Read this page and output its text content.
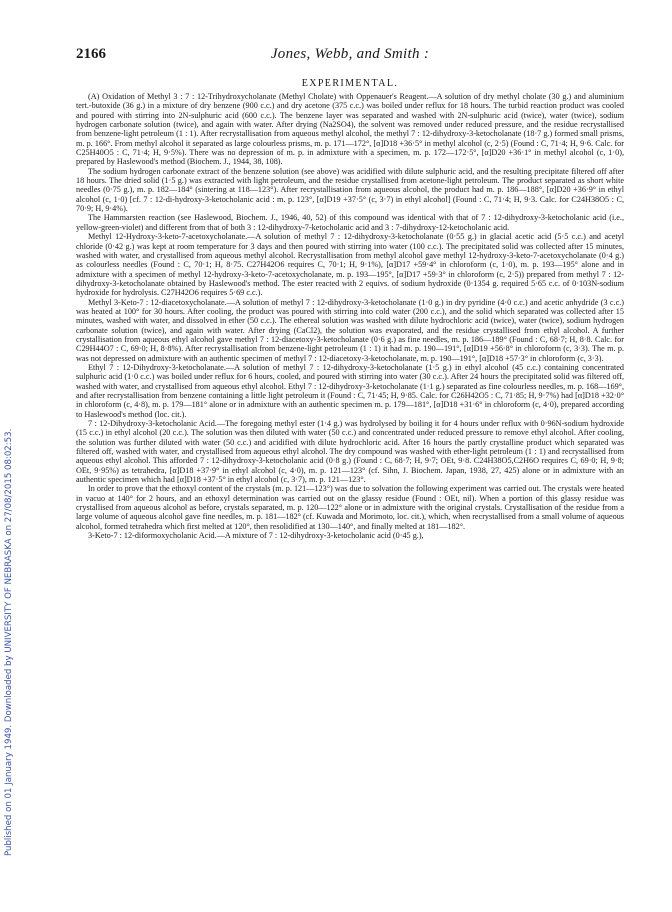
Published on 01 January 1949. Downloaded by UNIVERSITY OF NEBRASKA on 27/08/2015 08:02:53.
2166	Jones, Webb, and Smith :
EXPERIMENTAL.

(A) Oxidation of Methyl 3 : 7 : 12-Trihydroxycholanate (Methyl Cholate) with Oppenauer's Reagent.—A solution of dry methyl cholate (30 g.) and aluminium tert.-butoxide (36 g.) in a mixture of dry benzene (900 c.c.) and dry acetone (375 c.c.) was boiled under reflux for 18 hours. The turbid reaction product was cooled and poured with stirring into 2N-sulphuric acid (600 c.c.). The benzene layer was separated and washed with 2N-sulphuric acid (twice), water (twice), sodium hydrogen carbonate solution (twice), and again with water. After drying (Na2SO4), the solvent was removed under reduced pressure, and the residue recrystallised from benzene-light petroleum (1 : 1). After recrystallisation from aqueous methyl alcohol, the methyl 7 : 12-dihydroxy-3-ketocholanate (18·7 g.) formed small prisms, m. p. 166°. From methyl alcohol it separated as large colourless prisms, m. p. 171—172°, [α]D18 +36·5° in methyl alcohol (c, 2·5) (Found : C, 71·4; H, 9·6. Calc. for C25H40O5 : C, 71·4; H, 9·5%). There was no depression of m. p. in admixture with a specimen, m. p. 172—172·5°, [α]D20 +36·1° in methyl alcohol (c, 1·0), prepared by Haslewood's method (Biochem. J., 1944, 38, 108).

The sodium hydrogen carbonate extract of the benzene solution (see above) was acidified with dilute sulphuric acid, and the resulting precipitate filtered off after 18 hours. The dried solid (1·5 g.) was extracted with light petroleum, and the residue crystallised from acetone-light petroleum. The product separated as short white needles (0·75 g.), m. p. 182—184° (sintering at 118—123°). After recrystallisation from aqueous alcohol, the product had m. p. 186—188°, [α]D20 +36·9° in ethyl alcohol (c, 1·0) [cf. 7 : 12-di-hydroxy-3-ketocholanic acid : m. p. 123°, [α]D19 +37·5° (c, 3·7) in ethyl alcohol] (Found : C, 71·4; H, 9·3. Calc. for C24H38O5 : C, 70·9; H, 9·4%).

The Hammarsten reaction (see Haslewood, Biochem. J., 1946, 40, 52) of this compound was identical with that of 7 : 12-dihydroxy-3-ketocholanic acid (i.e., yellow-green-violet) and different from that of both 3 : 12-dihydroxy-7-ketocholanic acid and 3 : 7-dihydroxy-12-ketocholanic acid.

Methyl 12-Hydroxy-3-keto-7-acetoxycholanate.—A solution of methyl 7 : 12-dihydroxy-3-ketocholanate (0·55 g.) in glacial acetic acid (5·5 c.c.) and acetyl chloride (0·42 g.) was kept at room temperature for 3 days and then poured with stirring into water (100 c.c.). The precipitated solid was collected after 15 minutes, washed with water, and crystallised from aqueous methyl alcohol. Recrystallisation from methyl alcohol gave methyl 12-hydroxy-3-keto-7-acetoxycholanate (0·4 g.) as colourless needles (Found : C, 70·1; H, 8·75. C27H42O6 requires C, 70·1; H, 9·1%), [α]D17 +59·4° in chloroform (c, 1·0), m. p. 193—195° alone and in admixture with a specimen of methyl 12-hydroxy-3-keto-7-acetoxycholanate, m. p. 193—195°, [α]D17 +59·3° in chloroform (c, 2·5)) prepared from methyl 7 : 12-dihydroxy-3-ketocholanate obtained by Haslewood's method. The ester reacted with 2 equivs. of sodium hydroxide (0·1354 g. required 5·65 c.c. of 0·103N-sodium hydroxide for hydrolysis. C27H42O6 requires 5·69 c.c.).

Methyl 3-Keto-7 : 12-diacetoxycholanate.—A solution of methyl 7 : 12-dihydroxy-3-ketocholanate (1·0 g.) in dry pyridine (4·0 c.c.) and acetic anhydride (3 c.c.) was heated at 100° for 30 hours. After cooling, the product was poured with stirring into cold water (200 c.c.), and the solid which separated was collected after 15 minutes, washed with water, and dissolved in ether (50 c.c.). The ethereal solution was washed with dilute hydrochloric acid (twice), water (twice), sodium hydrogen carbonate solution (twice), and again with water. After drying (CaCl2), the solution was evaporated, and the residue crystallised from ethyl alcohol. A further crystallisation from aqueous ethyl alcohol gave methyl 7 : 12-diacetoxy-3-ketocholanate (0·6 g.) as fine needles, m. p. 186—189° (Found : C, 68·7; H, 8·8. Calc. for C29H44O7 : C, 69·0; H, 8·8%). After recrystallisation from benzene-light petroleum (1 : 1) it had m. p. 190—191°, [α]D19 +56·8° in chloroform (c, 3·3). The m. p. was not depressed on admixture with an authentic specimen of methyl 7 : 12-diacetoxy-3-ketocholanate, m. p. 190—191°, [α]D18 +57·3° in chloroform (c, 3·3).

Ethyl 7 : 12-Dihydroxy-3-ketocholanate.—A solution of methyl 7 : 12-dihydroxy-3-ketocholanate (1·5 g.) in ethyl alcohol (45 c.c.) containing concentrated sulphuric acid (1·0 c.c.) was boiled under reflux for 6 hours, cooled, and poured with stirring into water (30 c.c.). After 24 hours the precipitated solid was filtered off, washed with water, and crystallised from aqueous ethyl alcohol. Ethyl 7 : 12-dihydroxy-3-ketocholanate (1·1 g.) separated as fine colourless needles, m. p. 168—169°, and after recrystallisation from benzene containing a little light petroleum it (Found : C, 71·45; H, 9·85. Calc. for C26H42O5 : C, 71·85; H, 9·7%) had [α]D18 +32·0° in chloroform (c, 4·8), m. p. 179—181° alone or in admixture with an authentic specimen m. p. 179—181°, [α]D18 +31·6° in chloroform (c, 4·0), prepared according to Haslewood's method (loc. cit.).

7 : 12-Dihydroxy-3-ketocholanic Acid.—The foregoing methyl ester (1·4 g.) was hydrolysed by boiling it for 4 hours under reflux with 0·96N-sodium hydroxide (15 c.c.) in ethyl alcohol (20 c.c.). The solution was then diluted with water (50 c.c.) and concentrated under reduced pressure to remove ethyl alcohol. After cooling, the solution was further diluted with water (50 c.c.) and acidified with dilute hydrochloric acid. After 16 hours the partly crystalline product which separated was filtered off, washed with water, and crystallised from aqueous ethyl alcohol. The dry compound was washed with ether-light petroleum (1 : 1) and recrystallised from aqueous ethyl alcohol. This afforded 7 : 12-dihydroxy-3-ketocholanic acid (0·8 g.) (Found : C, 68·7; H, 9·7; OEt, 9·8. C24H38O5,C2H6O requires C, 69·0; H, 9·8; OEt, 9·95%) as tetrahedra, [α]D18 +37·9° in ethyl alcohol (c, 4·0), m. p. 121—123° (cf. Sihn, J. Biochem. Japan, 1938, 27, 425) alone or in admixture with an authentic specimen which had [α]D18 +37·5° in ethyl alcohol (c, 3·7), m. p. 121—123°.

In order to prove that the ethoxyl content of the crystals (m. p. 121—123°) was due to solvation the following experiment was carried out. The crystals were heated in vacuo at 140° for 2 hours, and an ethoxyl determination was carried out on the glassy residue (Found : OEt, nil). When a portion of this glassy residue was crystallised from aqueous alcohol as before, crystals separated, m. p. 120—122° alone or in admixture with the original crystals. Crystallisation of the residue from a large volume of aqueous alcohol gave fine needles, m. p. 181—182° (cf. Kuwada and Morimoto, loc. cit.), which, when recrystallised from a small volume of aqueous alcohol, formed tetrahedra which first melted at 120°, then resolidified at 130—140°, and finally melted at 181—182°.

3-Keto-7 : 12-diformoxycholanic Acid.—A mixture of 7 : 12-dihydroxy-3-ketocholanic acid (0·45 g.),
